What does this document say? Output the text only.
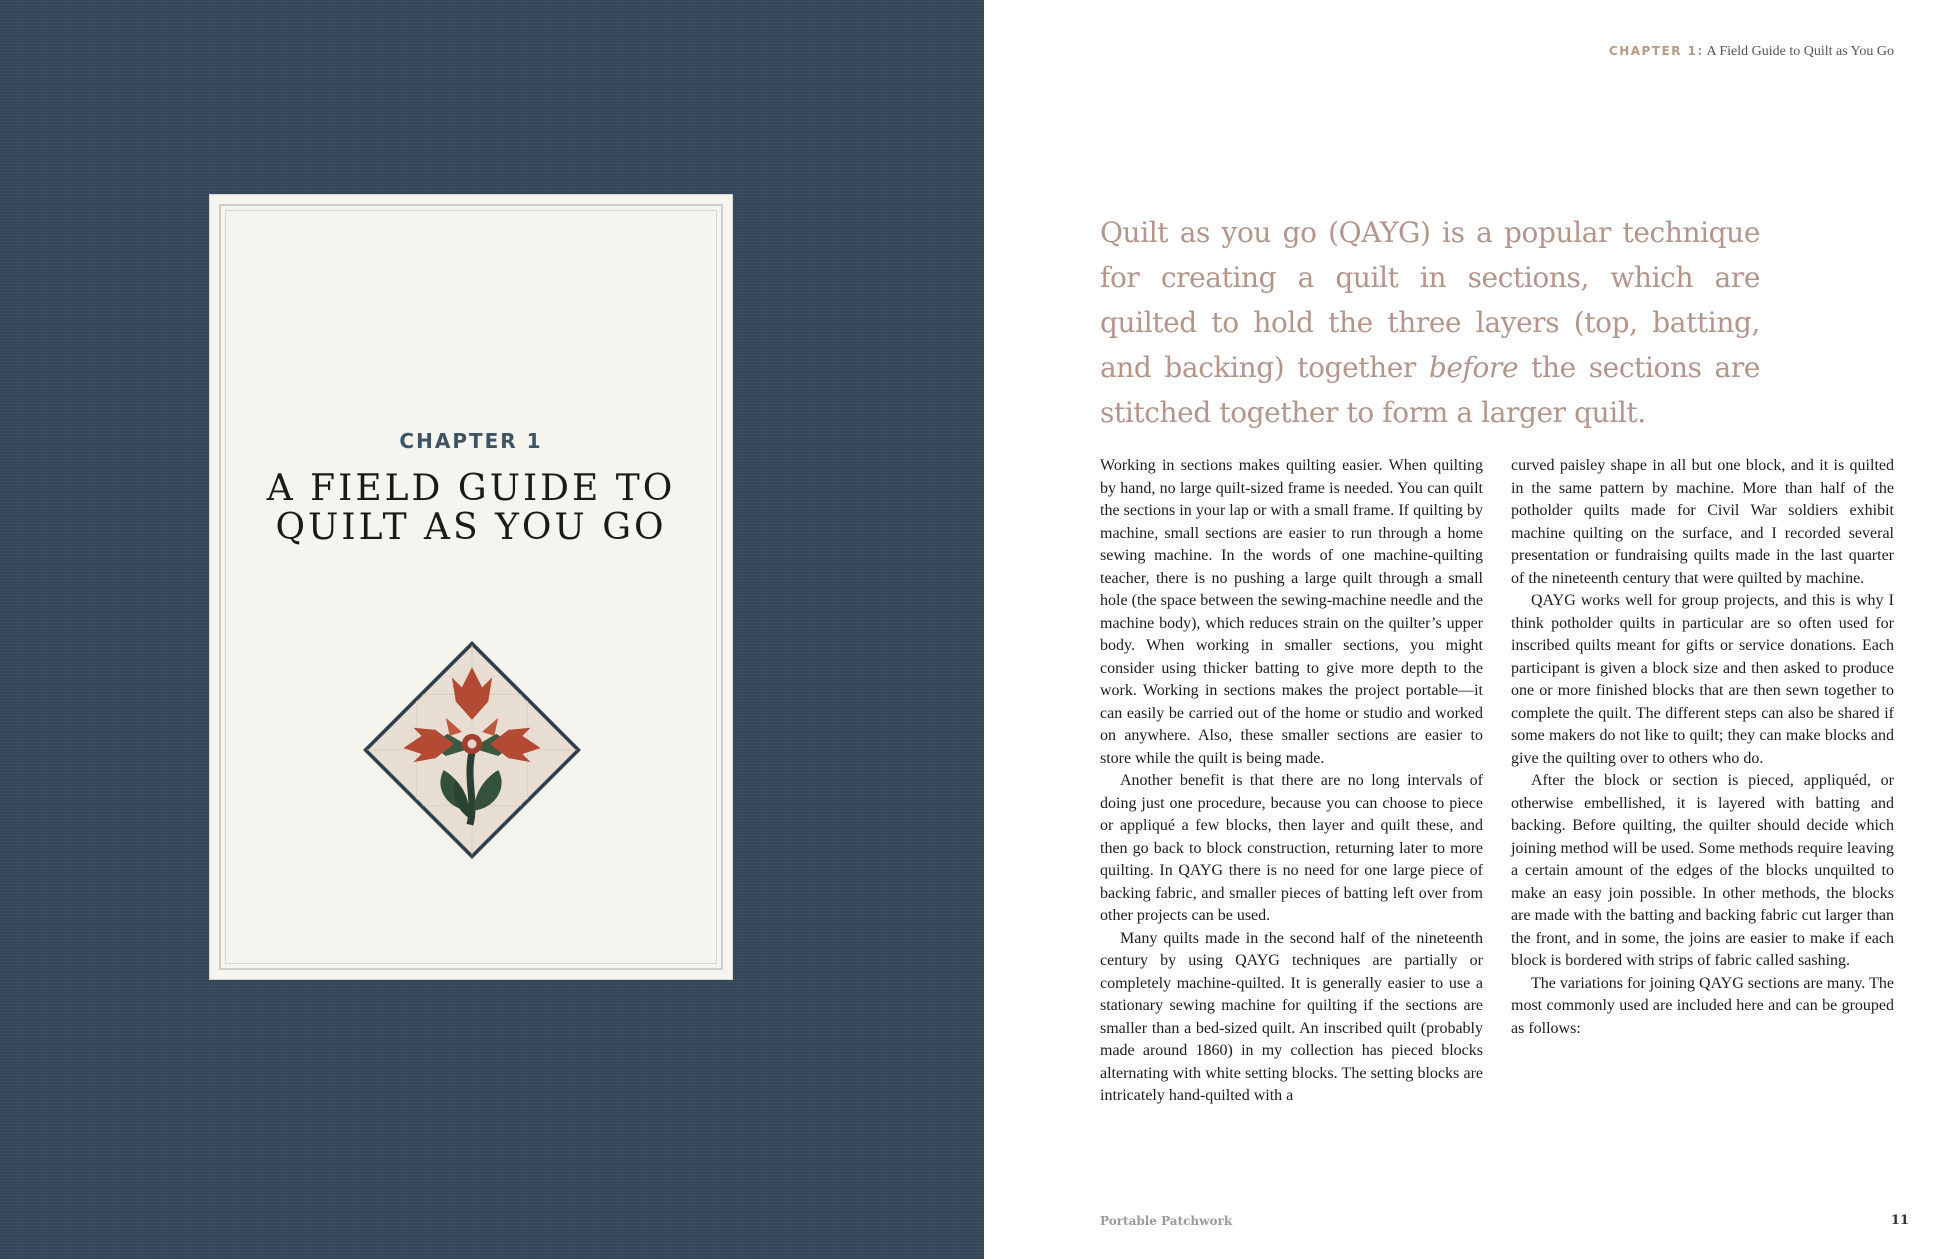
CHAPTER 1
A FIELD GUIDE TO
QUILT AS YOU GO
CHAPTER 1: A Field Guide to Quilt as You Go

Quilt as you go (QAYG) is a popular technique for creating a quilt in sections, which are quilted to hold the three layers (top, batting, and backing) together before the sections are stitched together to form a larger quilt.

Working in sections makes quilting easier. When quilting by hand, no large quilt-sized frame is needed. You can quilt the sections in your lap or with a small frame. If quilting by machine, small sections are easier to run through a home sewing machine. In the words of one machine-quilting teacher, there is no pushing a large quilt through a small hole (the space between the sewing-machine needle and the machine body), which reduces strain on the quilter’s upper body. When working in smaller sections, you might consider using thicker batting to give more depth to the work. Working in sections makes the project portable—it can easily be carried out of the home or studio and worked on anywhere. Also, these smaller sections are easier to store while the quilt is being made.

Another benefit is that there are no long intervals of doing just one procedure, because you can choose to piece or appliqué a few blocks, then layer and quilt these, and then go back to block construction, returning later to more quilting. In QAYG there is no need for one large piece of backing fabric, and smaller pieces of batting left over from other projects can be used.

Many quilts made in the second half of the nineteenth century by using QAYG techniques are partially or completely machine-quilted. It is generally easier to use a stationary sewing machine for quilting if the sections are smaller than a bed-sized quilt. An inscribed quilt (probably made around 1860) in my collection has pieced blocks alternating with white setting blocks. The setting blocks are intricately hand-quilted with a

curved paisley shape in all but one block, and it is quilted in the same pattern by machine. More than half of the potholder quilts made for Civil War soldiers exhibit machine quilting on the surface, and I recorded several presentation or fundraising quilts made in the last quarter of the nineteenth century that were quilted by machine.

QAYG works well for group projects, and this is why I think potholder quilts in particular are so often used for inscribed quilts meant for gifts or service donations. Each participant is given a block size and then asked to produce one or more finished blocks that are then sewn together to complete the quilt. The different steps can also be shared if some makers do not like to quilt; they can make blocks and give the quilting over to others who do.

After the block or section is pieced, appliquéd, or otherwise embellished, it is layered with batting and backing. Before quilting, the quilter should decide which joining method will be used. Some methods require leaving a certain amount of the edges of the blocks unquilted to make an easy join possible. In other methods, the blocks are made with the batting and backing fabric cut larger than the front, and in some, the joins are easier to make if each block is bordered with strips of fabric called sashing.

The variations for joining QAYG sections are many. The most commonly used are included here and can be grouped as follows:

Portable Patchwork	11
